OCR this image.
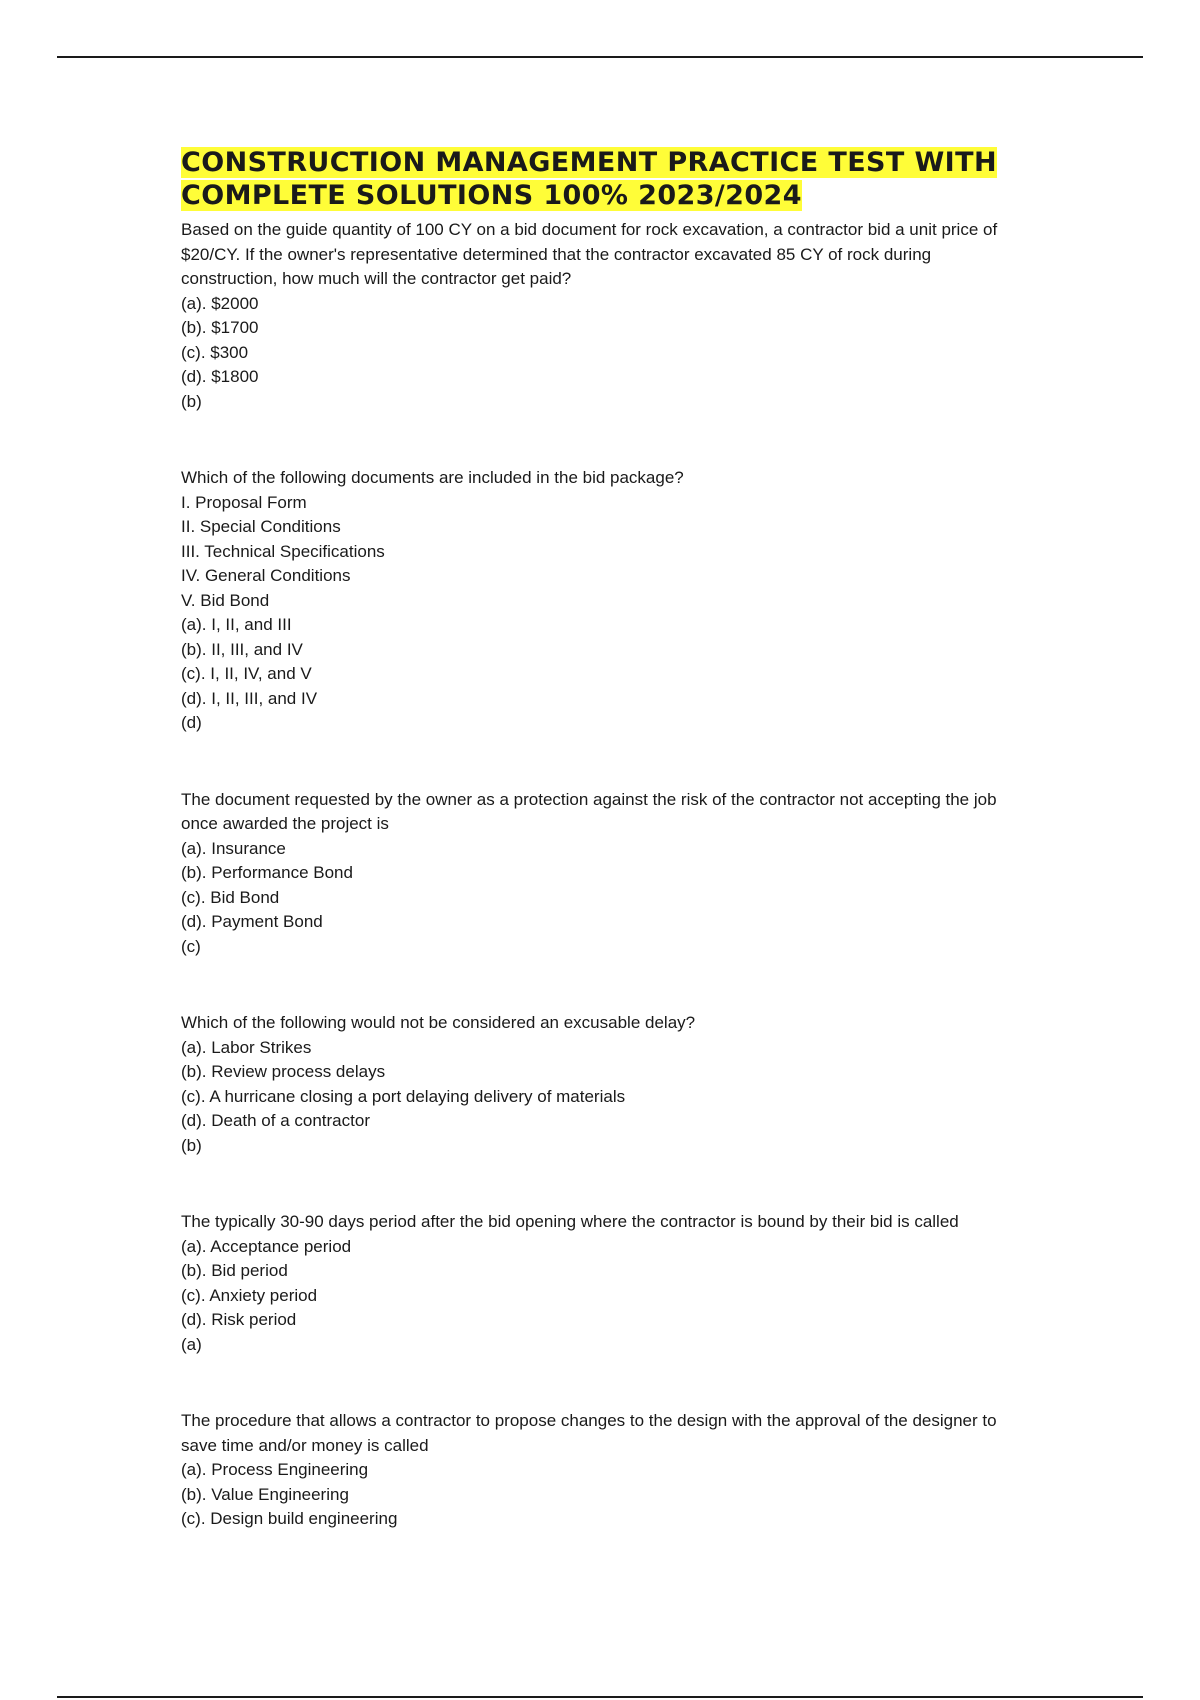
CONSTRUCTION MANAGEMENT PRACTICE TEST WITH COMPLETE SOLUTIONS 100% 2023/2024

Based on the guide quantity of 100 CY on a bid document for rock excavation, a contractor bid a unit price of $20/CY. If the owner's representative determined that the contractor excavated 85 CY of rock during construction, how much will the contractor get paid?

(a). $2000

(b). $1700

(c). $300

(d). $1800

(b)

Which of the following documents are included in the bid package?

I. Proposal Form

II. Special Conditions

III. Technical Specifications

IV. General Conditions

V. Bid Bond

(a). I, II, and III

(b). II, III, and IV

(c). I, II, IV, and V

(d). I, II, III, and IV

(d)

The document requested by the owner as a protection against the risk of the contractor not accepting the job once awarded the project is

(a). Insurance

(b). Performance Bond

(c). Bid Bond

(d). Payment Bond

(c)

Which of the following would not be considered an excusable delay?

(a). Labor Strikes

(b). Review process delays

(c). A hurricane closing a port delaying delivery of materials

(d). Death of a contractor

(b)

The typically 30-90 days period after the bid opening where the contractor is bound by their bid is called

(a). Acceptance period

(b). Bid period

(c). Anxiety period

(d). Risk period

(a)

The procedure that allows a contractor to propose changes to the design with the approval of the designer to save time and/or money is called

(a). Process Engineering

(b). Value Engineering

(c). Design build engineering
